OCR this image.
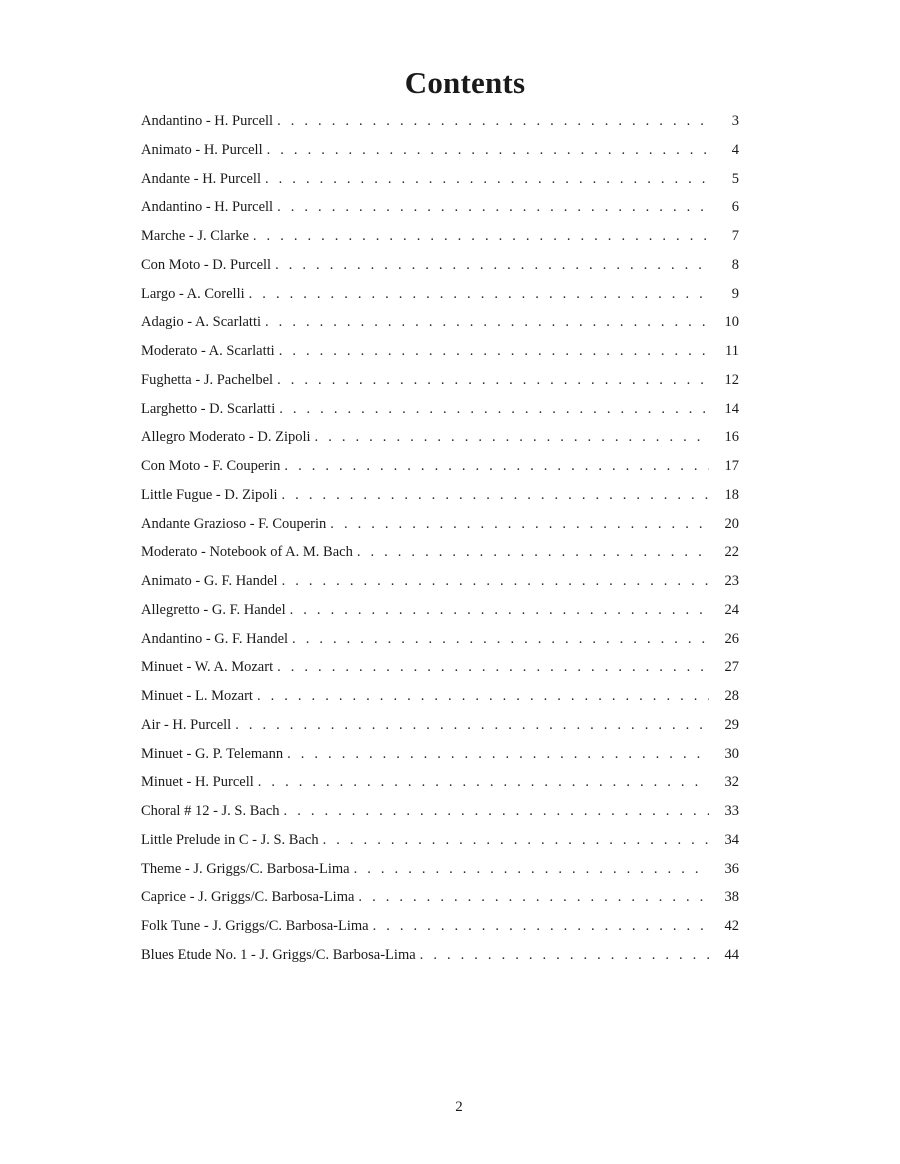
Contents
Andantino - H. Purcell . . .	3
Animato - H. Purcell . . .	4
Andante - H. Purcell . . .	5
Andantino - H. Purcell . . .	6
Marche - J. Clarke . . .	7
Con Moto - D. Purcell . . .	8
Largo - A. Corelli . . .	9
Adagio - A. Scarlatti . . .	10
Moderato - A. Scarlatti . . .	11
Fughetta - J. Pachelbel . . .	12
Larghetto - D. Scarlatti . . .	14
Allegro Moderato - D. Zipoli . . .	16
Con Moto - F. Couperin . . .	17
Little Fugue - D. Zipoli . . .	18
Andante Grazioso - F. Couperin . . .	20
Moderato - Notebook of A. M. Bach . . .	22
Animato - G. F. Handel . . .	23
Allegretto - G. F. Handel . . .	24
Andantino - G. F. Handel . . .	26
Minuet - W. A. Mozart . . .	27
Minuet - L. Mozart . . .	28
Air - H. Purcell . . .	29
Minuet - G. P. Telemann . . .	30
Minuet - H. Purcell . . .	32
Choral # 12 - J. S. Bach . . .	33
Little Prelude in C - J. S. Bach . . .	34
Theme - J. Griggs/C. Barbosa-Lima . . .	36
Caprice - J. Griggs/C. Barbosa-Lima . . .	38
Folk Tune - J. Griggs/C. Barbosa-Lima . . .	42
Blues Etude No. 1 - J. Griggs/C. Barbosa-Lima . . .	44
2
